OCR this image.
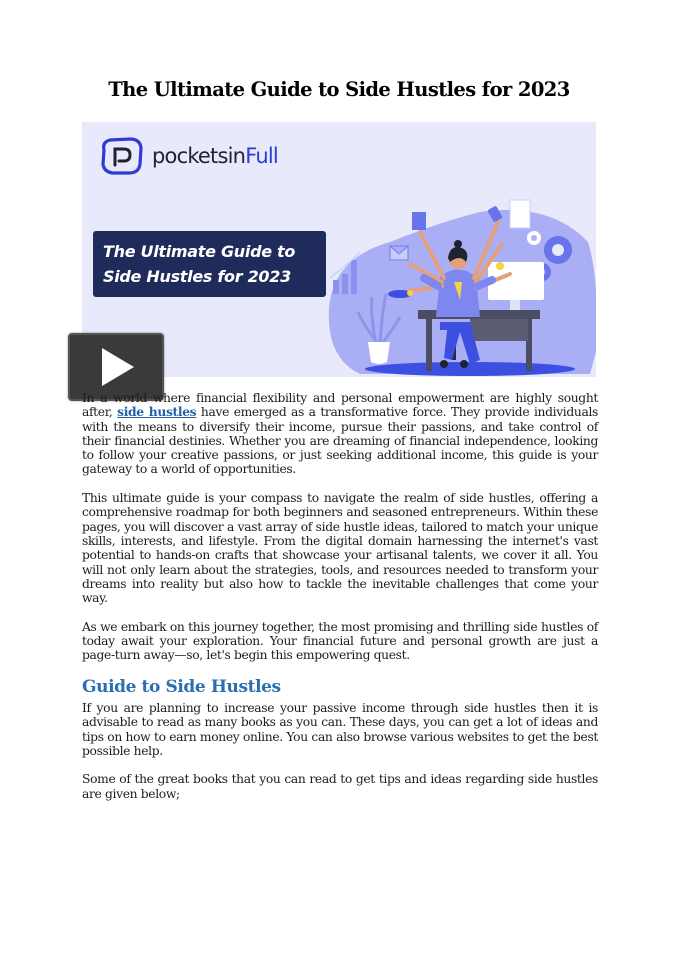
The Ultimate Guide to Side Hustles for 2023
pocketsinFull
The Ultimate Guide to
Side Hustles for 2023

In a world where financial flexibility and personal empowerment are highly sought after, side hustles have emerged as a transformative force. They provide individuals with the means to diversify their income, pursue their passions, and take control of their financial destinies. Whether you are dreaming of financial independence, looking to follow your creative passions, or just seeking additional income, this guide is your gateway to a world of opportunities.

This ultimate guide is your compass to navigate the realm of side hustles, offering a comprehensive roadmap for both beginners and seasoned entrepreneurs. Within these pages, you will discover a vast array of side hustle ideas, tailored to match your unique skills, interests, and lifestyle. From the digital domain harnessing the internet's vast potential to hands-on crafts that showcase your artisanal talents, we cover it all. You will not only learn about the strategies, tools, and resources needed to transform your dreams into reality but also how to tackle the inevitable challenges that come your way.

As we embark on this journey together, the most promising and thrilling side hustles of today await your exploration. Your financial future and personal growth are just a page-turn away—so, let's begin this empowering quest.

Guide to Side Hustles

If you are planning to increase your passive income through side hustles then it is advisable to read as many books as you can. These days, you can get a lot of ideas and tips on how to earn money online. You can also browse various websites to get the best possible help.

Some of the great books that you can read to get tips and ideas regarding side hustles are given below;
